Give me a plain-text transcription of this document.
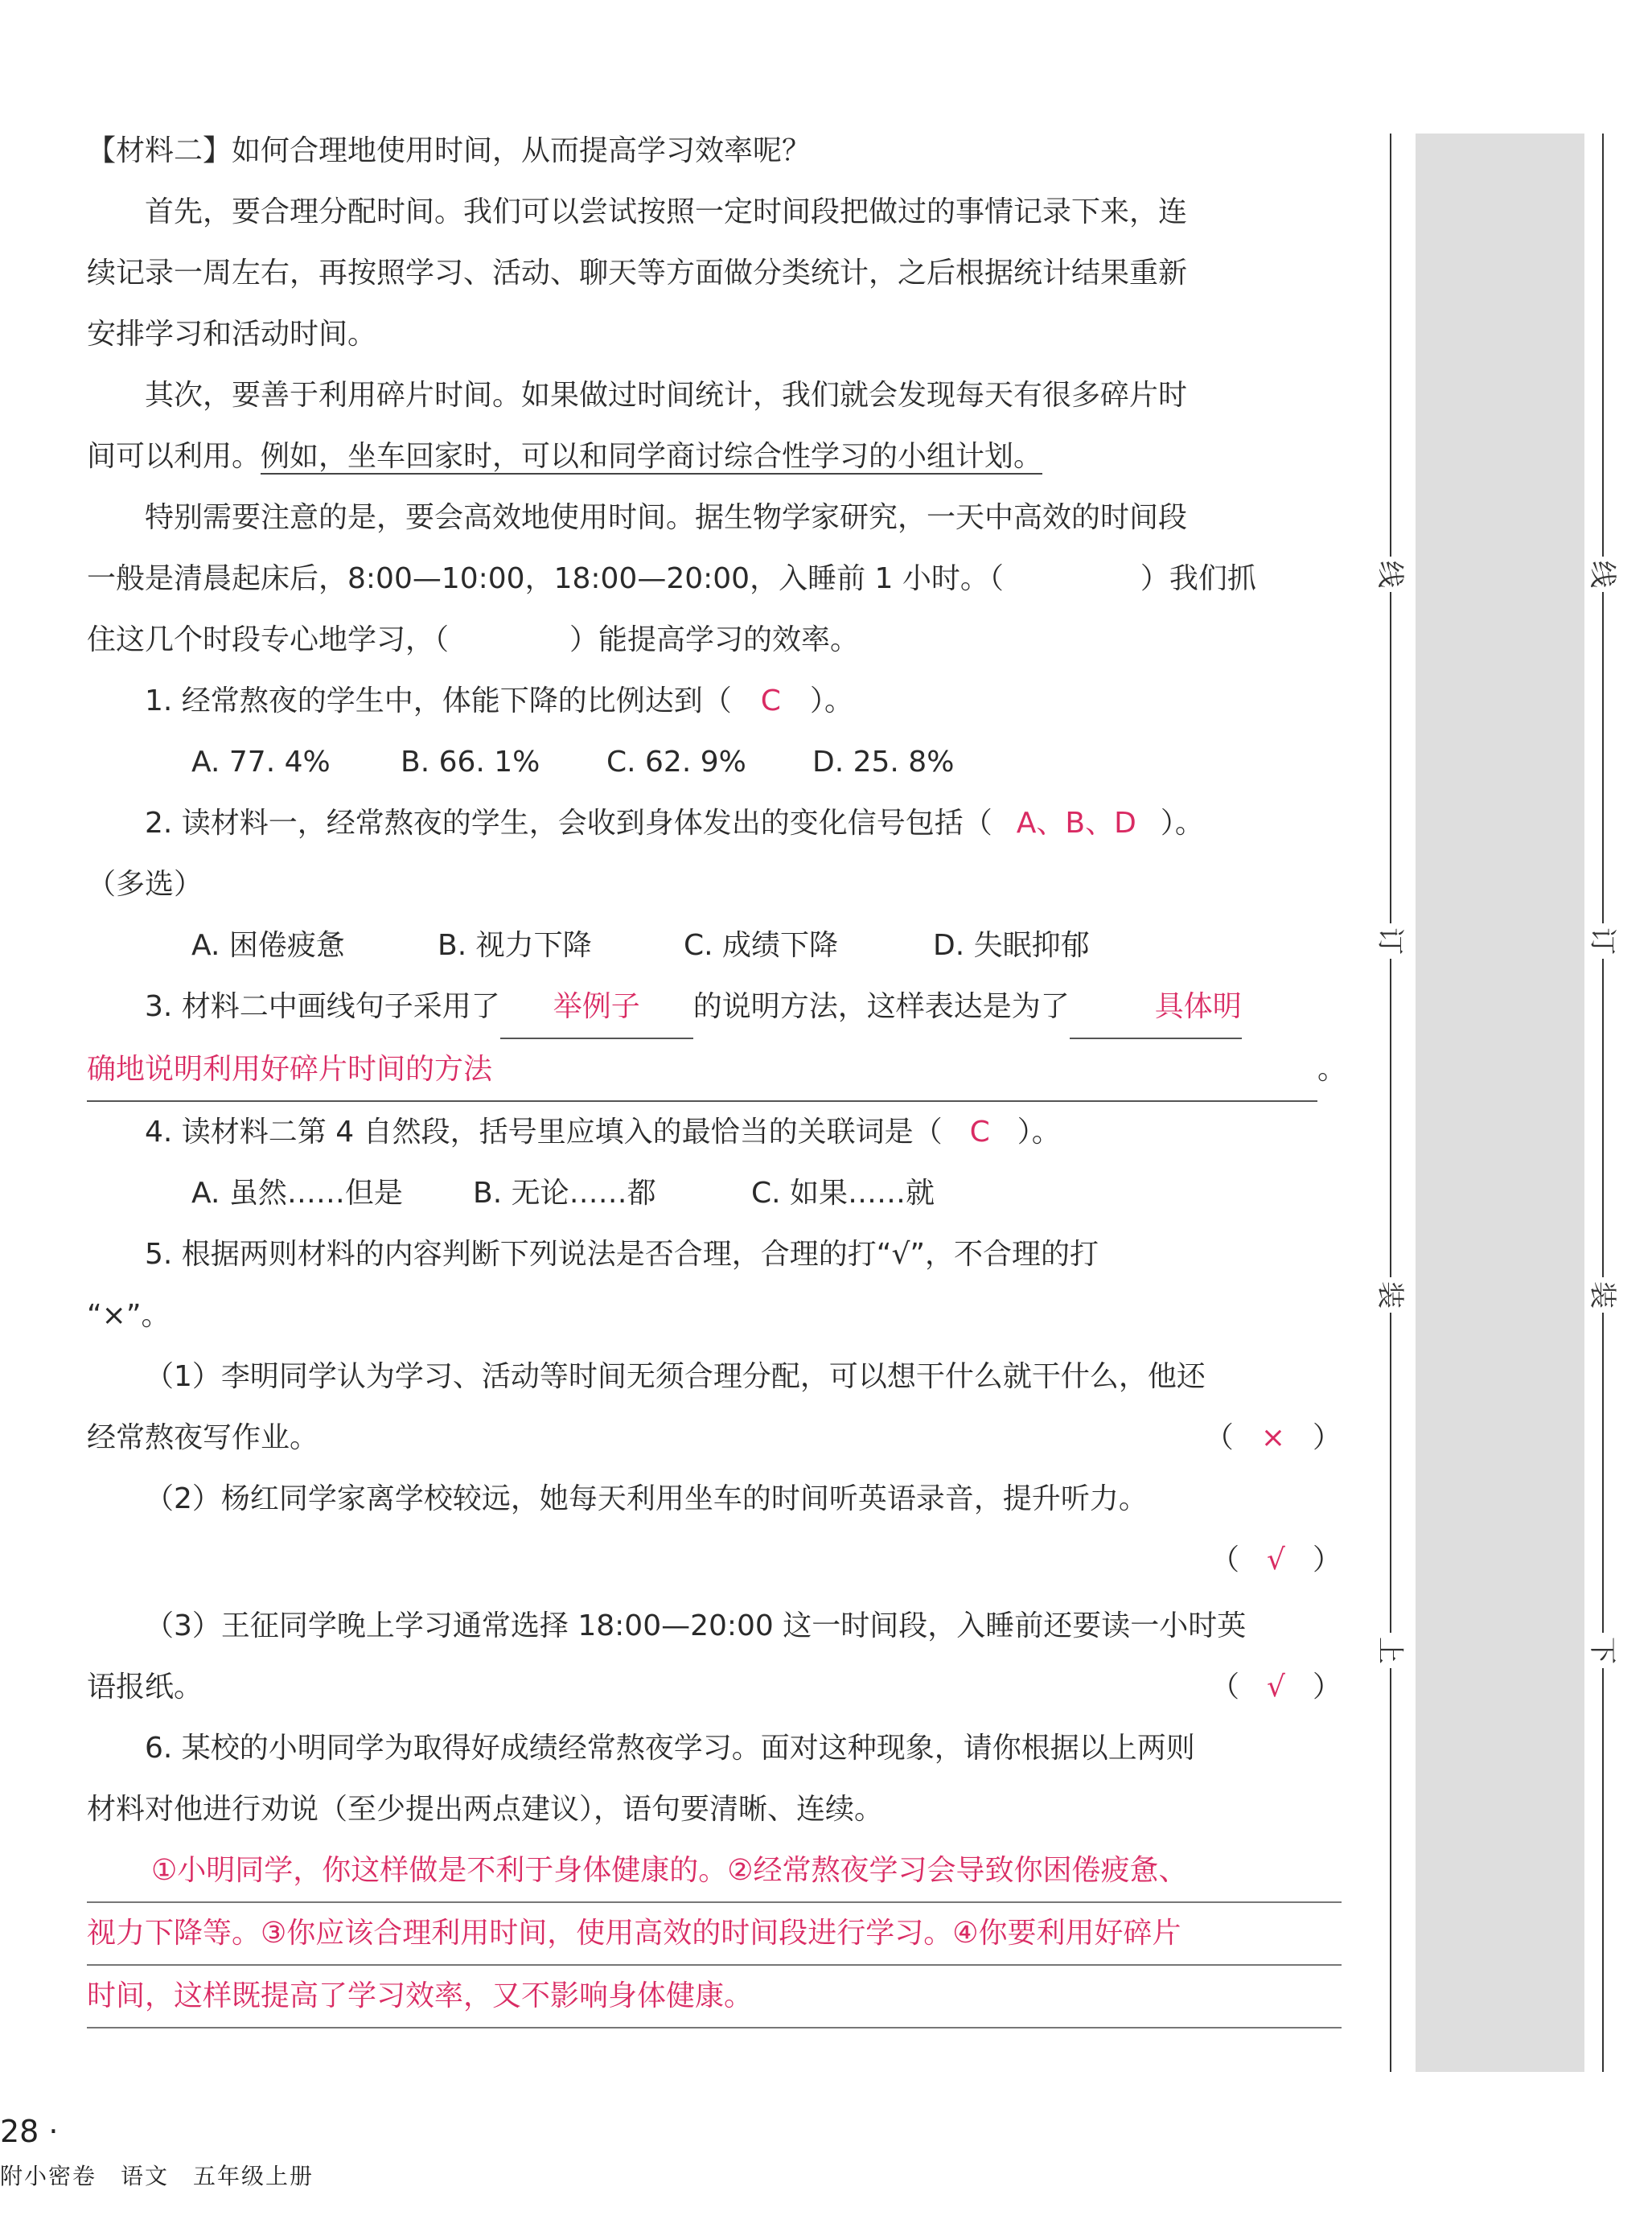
【材料二】如何合理地使用时间，从而提高学习效率呢？
首先，要合理分配时间。我们可以尝试按照一定时间段把做过的事情记录下来，连
续记录一周左右，再按照学习、活动、聊天等方面做分类统计，之后根据统计结果重新
安排学习和活动时间。
其次，要善于利用碎片时间。如果做过时间统计，我们就会发现每天有很多碎片时
间可以利用。例如，坐车回家时，可以和同学商讨综合性学习的小组计划。
特别需要注意的是，要会高效地使用时间。据生物学家研究，一天中高效的时间段
一般是清晨起床后，8:00—10:00，18:00—20:00，入睡前 1 小时。（	）我们抓
住这几个时段专心地学习，（	）能提高学习的效率。
1. 经常熬夜的学生中，体能下降的比例达到（ C ）。
A. 77. 4% B. 66. 1% C. 62. 9% D. 25. 8%
2. 读材料一，经常熬夜的学生，会收到身体发出的变化信号包括（ A、B、D ）。
（多选）
A. 困倦疲惫	B. 视力下降	C. 成绩下降	D. 失眠抑郁
3. 材料二中画线句子采用了 举例子 的说明方法，这样表达是为了	具体明
确地说明利用好碎片时间的方法	。
4. 读材料二第 4 自然段，括号里应填入的最恰当的关联词是（ C ）。
A. 虽然……但是 B. 无论……都	C. 如果……就
5. 根据两则材料的内容判断下列说法是否合理，合理的打“√”，不合理的打
“×”。
（1）李明同学认为学习、活动等时间无须合理分配，可以想干什么就干什么，他还
经常熬夜写作业。	（ × ）
（2）杨红同学家离学校较远，她每天利用坐车的时间听英语录音，提升听力。
（ √ ）
（3）王征同学晚上学习通常选择 18:00—20:00 这一时间段，入睡前还要读一小时英
语报纸。	（ √ ）
6. 某校的小明同学为取得好成绩经常熬夜学习。面对这种现象，请你根据以上两则
材料对他进行劝说（至少提出两点建议），语句要清晰、连续。
①小明同学，你这样做是不利于身体健康的。②经常熬夜学习会导致你困倦疲惫、
视力下降等。③你应该合理利用时间，使用高效的时间段进行学习。④你要利用好碎片
时间，这样既提高了学习效率，又不影响身体健康。
线
订
装
上
线
订
装
下
28 ·
附小密卷　语文　五年级上册
